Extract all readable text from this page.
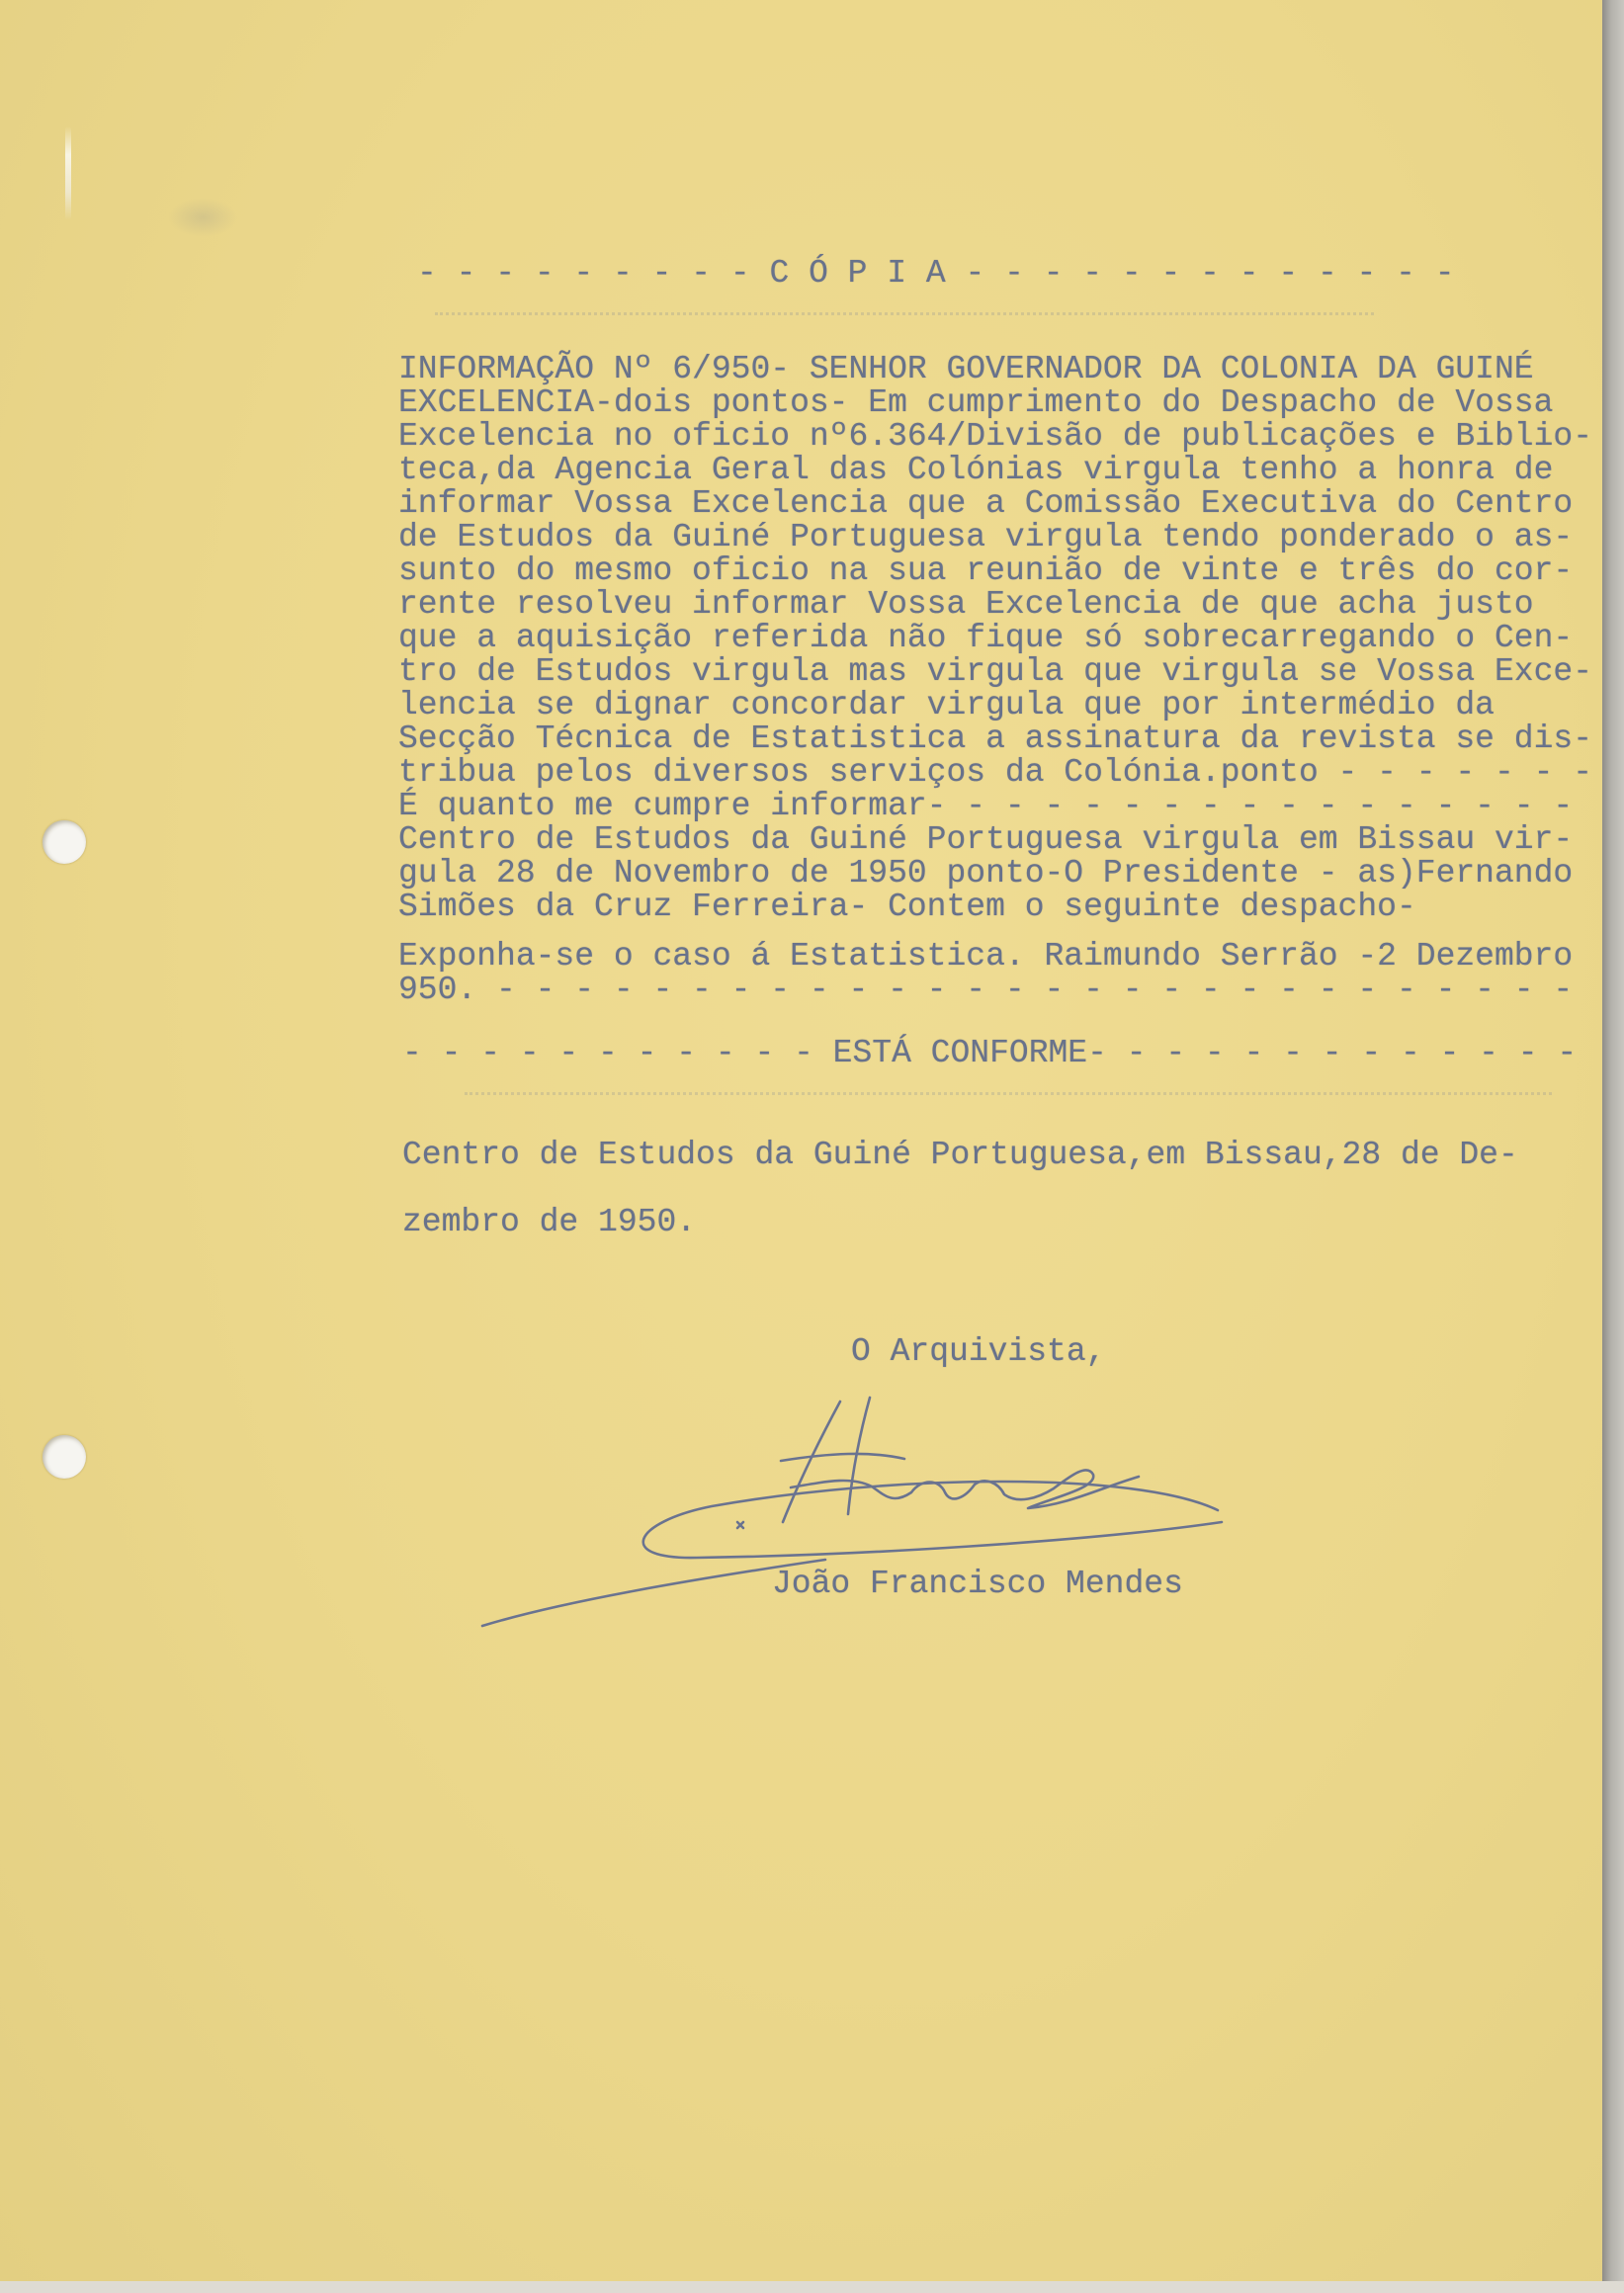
- - - - - - - - - C Ó P I A - - - - - - - - - - - - -
INFORMAÇÃO Nº 6/950- SENHOR GOVERNADOR DA COLONIA DA GUINÉ
EXCELENCIA-dois pontos- Em cumprimento do Despacho de Vossa
Excelencia no oficio nº6.364/Divisão de publicações e Biblio-
teca,da Agencia Geral das Colónias virgula tenho a honra de
informar Vossa Excelencia que a Comissão Executiva do Centro
de Estudos da Guiné Portuguesa virgula tendo ponderado o as-
sunto do mesmo oficio na sua reunião de vinte e três do cor-
rente resolveu informar Vossa Excelencia de que acha justo
que a aquisição referida não fique só sobrecarregando o Cen-
tro de Estudos virgula mas virgula que virgula se Vossa Exce-
lencia se dignar concordar virgula que por intermédio da
Secção Técnica de Estatistica a assinatura da revista se dis-
tribua pelos diversos serviços da Colónia.ponto - - - - - - -
É quanto me cumpre informar- - - - - - - - - - - - - - - - -
Centro de Estudos da Guiné Portuguesa virgula em Bissau vir-
gula 28 de Novembro de 1950 ponto-O Presidente - as)Fernando
Simões da Cruz Ferreira- Contem o seguinte despacho-
Exponha-se o caso á Estatistica. Raimundo Serrão -2 Dezembro
950. - - - - - - - - - - - - - - - - - - - - - - - - - - - -
- - - - - - - - - - - ESTÁ CONFORME- - - - - - - - - - - - -
Centro de Estudos da Guiné Portuguesa,em Bissau,28 de De-
zembro de 1950.
O Arquivista,
João Francisco Mendes
